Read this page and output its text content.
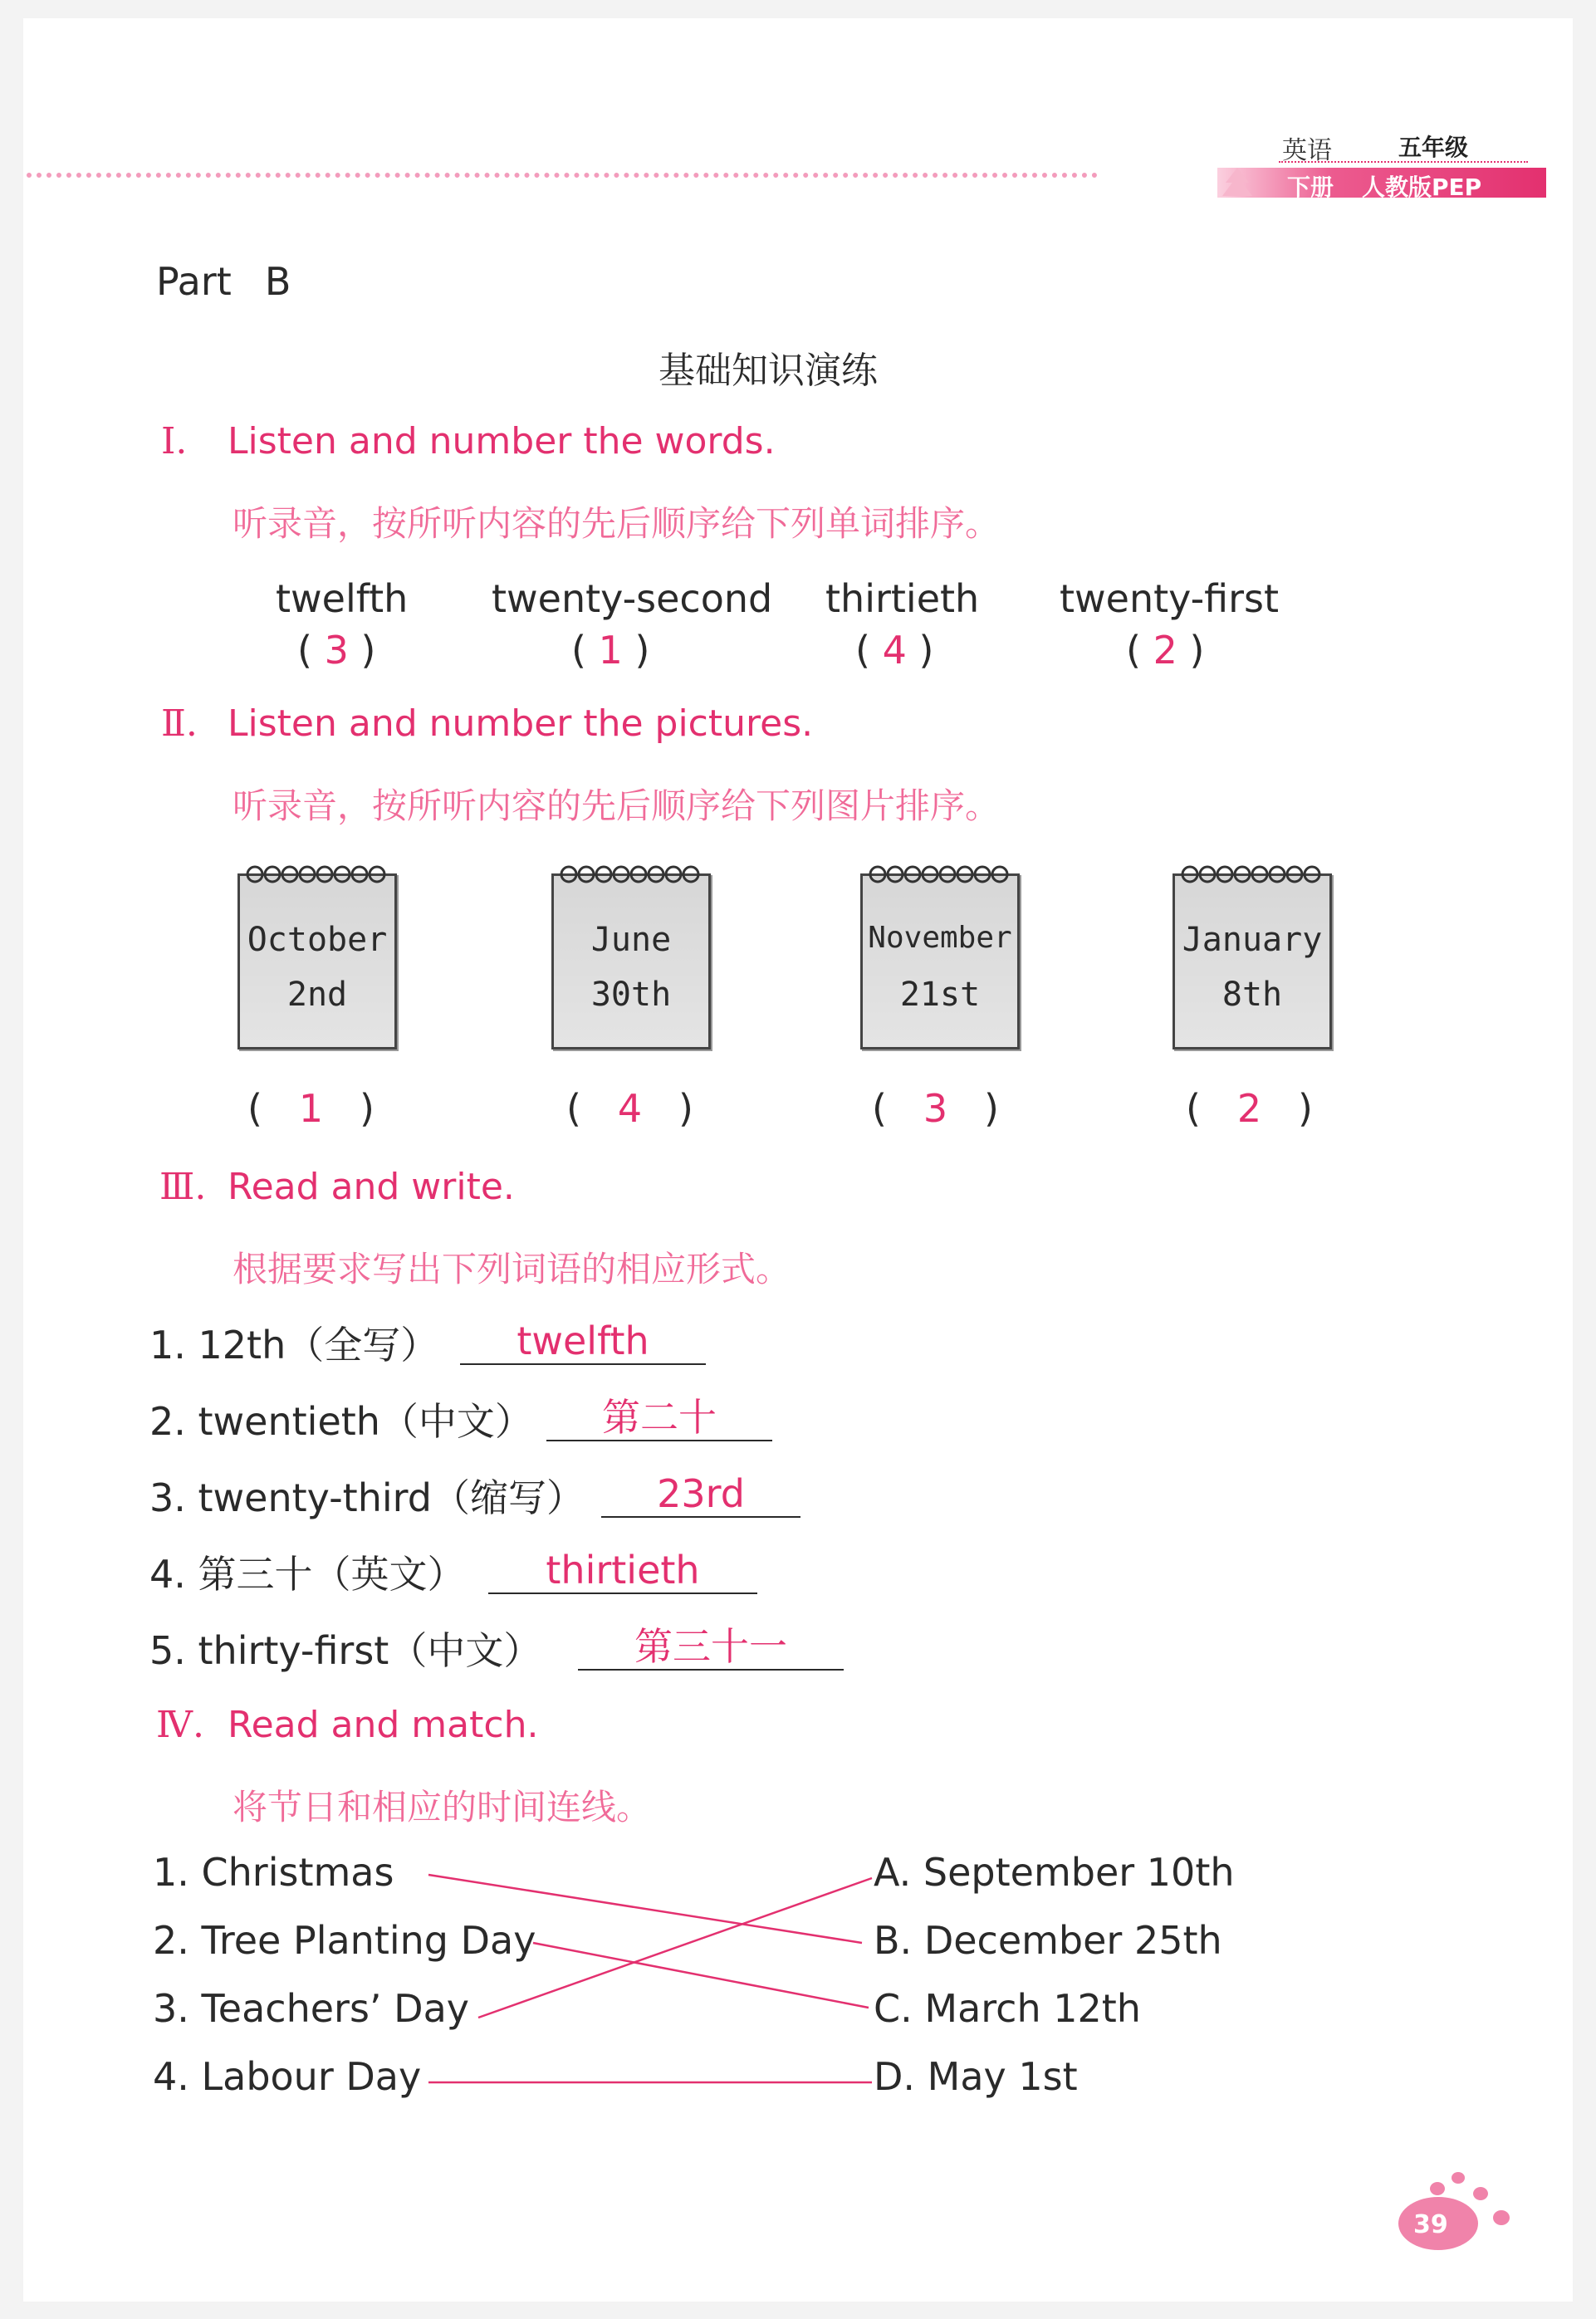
英语	五年级
下册 人教版PEP
Part B
基础知识演练
Ⅰ. Listen and number the words.
听录音，按所听内容的先后顺序给下列单词排序。
twelfth twenty-second thirtieth twenty-first
( 3 )	( 1 )	( 4 )	( 2 )
Ⅱ. Listen and number the pictures.
听录音，按所听内容的先后顺序给下列图片排序。
October
2nd
June
30th
November
21st
January
8th
(   1   )	(   4   )	(   3   )	(   2   )
Ⅲ. Read and write.
根据要求写出下列词语的相应形式。
1. 12th（全写）	twelfth
2. twentieth（中文）	第二十
3. twenty-third（缩写）	23rd
4. 第三十（英文）	thirtieth
5. thirty-first（中文）	第三十一
Ⅳ. Read and match.
将节日和相应的时间连线。
1. Christmas
2. Tree Planting Day
3. Teachers’ Day
4. Labour Day
A. September 10th
B. December 25th
C. March 12th
D. May 1st
39
